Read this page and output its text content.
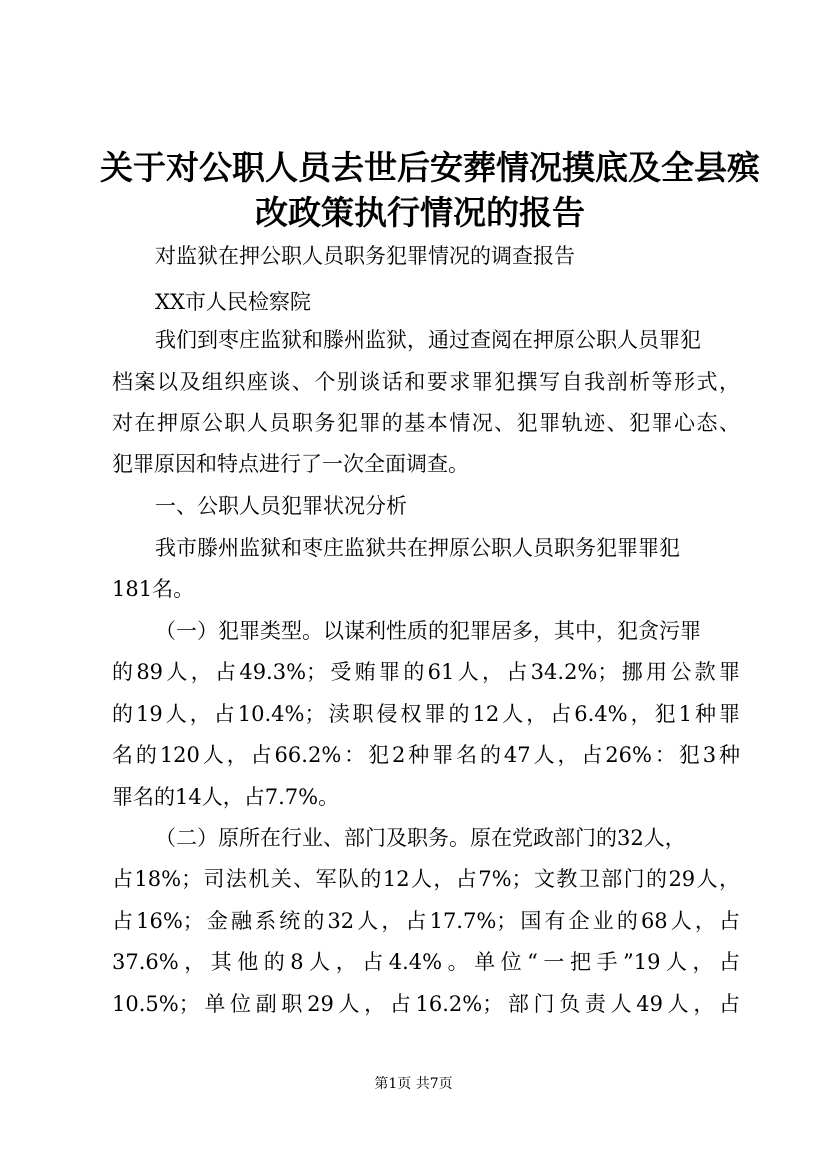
关于对公职人员去世后安葬情况摸底及全县殡
改政策执行情况的报告
对监狱在押公职人员职务犯罪情况的调查报告
XX市人民检察院
我们到枣庄监狱和滕州监狱，通过查阅在押原公职人员罪犯
档案以及组织座谈、个别谈话和要求罪犯撰写自我剖析等形式，
对在押原公职人员职务犯罪的基本情况、犯罪轨迹、犯罪心态、
犯罪原因和特点进行了一次全面调查。
一、公职人员犯罪状况分析
我市滕州监狱和枣庄监狱共在押原公职人员职务犯罪罪犯
181名。
（一）犯罪类型。以谋利性质的犯罪居多，其中，犯贪污罪
的89人，占49.3%；受贿罪的61人，占34.2%；挪用公款罪
的19人，占10.4%；渎职侵权罪的12人，占6.4%，犯1种罪
名的120人，占66.2%：犯2种罪名的47人，占26%：犯3种
罪名的14人，占7.7%。
（二）原所在行业、部门及职务。原在党政部门的32人，
占18%；司法机关、军队的12人，占7%；文教卫部门的29人，
占16%；金融系统的32人，占17.7%；国有企业的68人，占
37.6%，其他的8人，占4.4%。单位“一把手”19人，占
10.5%；单位副职29人，占16.2%；部门负责人49人，占
第1页 共7页
